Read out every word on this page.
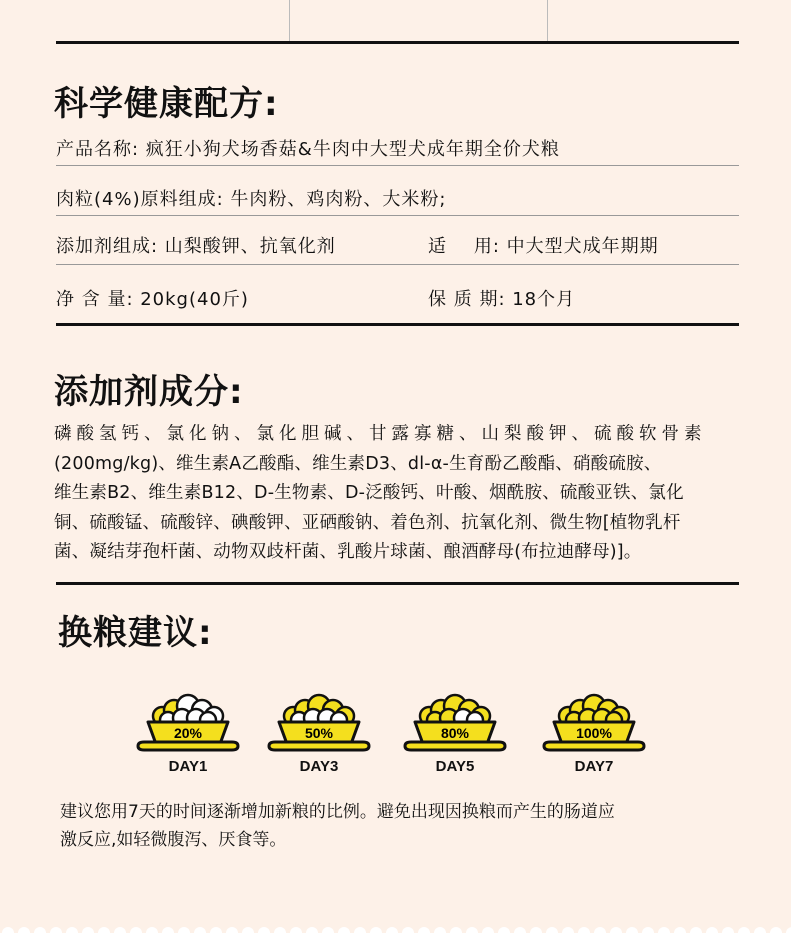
科学健康配方:
产品名称: 疯狂小狗犬场香菇&牛肉中大型犬成年期全价犬粮
肉粒(4%)原料组成: 牛肉粉、鸡肉粉、大米粉;
添加剂组成: 山梨酸钾、抗氧化剂	适    用: 中大型犬成年期期
净 含 量: 20kg(40斤)	保 质 期: 18个月
添加剂成分:

磷酸氢钙、氯化钠、氯化胆碱、甘露寡糖、山梨酸钾、硫酸软骨素
(200mg/kg)、维生素A乙酸酯、维生素D3、dl-α-生育酚乙酸酯、硝酸硫胺、
维生素B2、维生素B12、D-生物素、D-泛酸钙、叶酸、烟酰胺、硫酸亚铁、氯化
铜、硫酸锰、硫酸锌、碘酸钾、亚硒酸钠、着色剂、抗氧化剂、微生物[植物乳杆
菌、凝结芽孢杆菌、动物双歧杆菌、乳酸片球菌、酿酒酵母(布拉迪酵母)]。

换粮建议:
20%
DAY1
50%
DAY3
80%
DAY5
100%
DAY7

建议您用7天的时间逐渐增加新粮的比例。避免出现因换粮而产生的肠道应
激反应,如轻微腹泻、厌食等。
